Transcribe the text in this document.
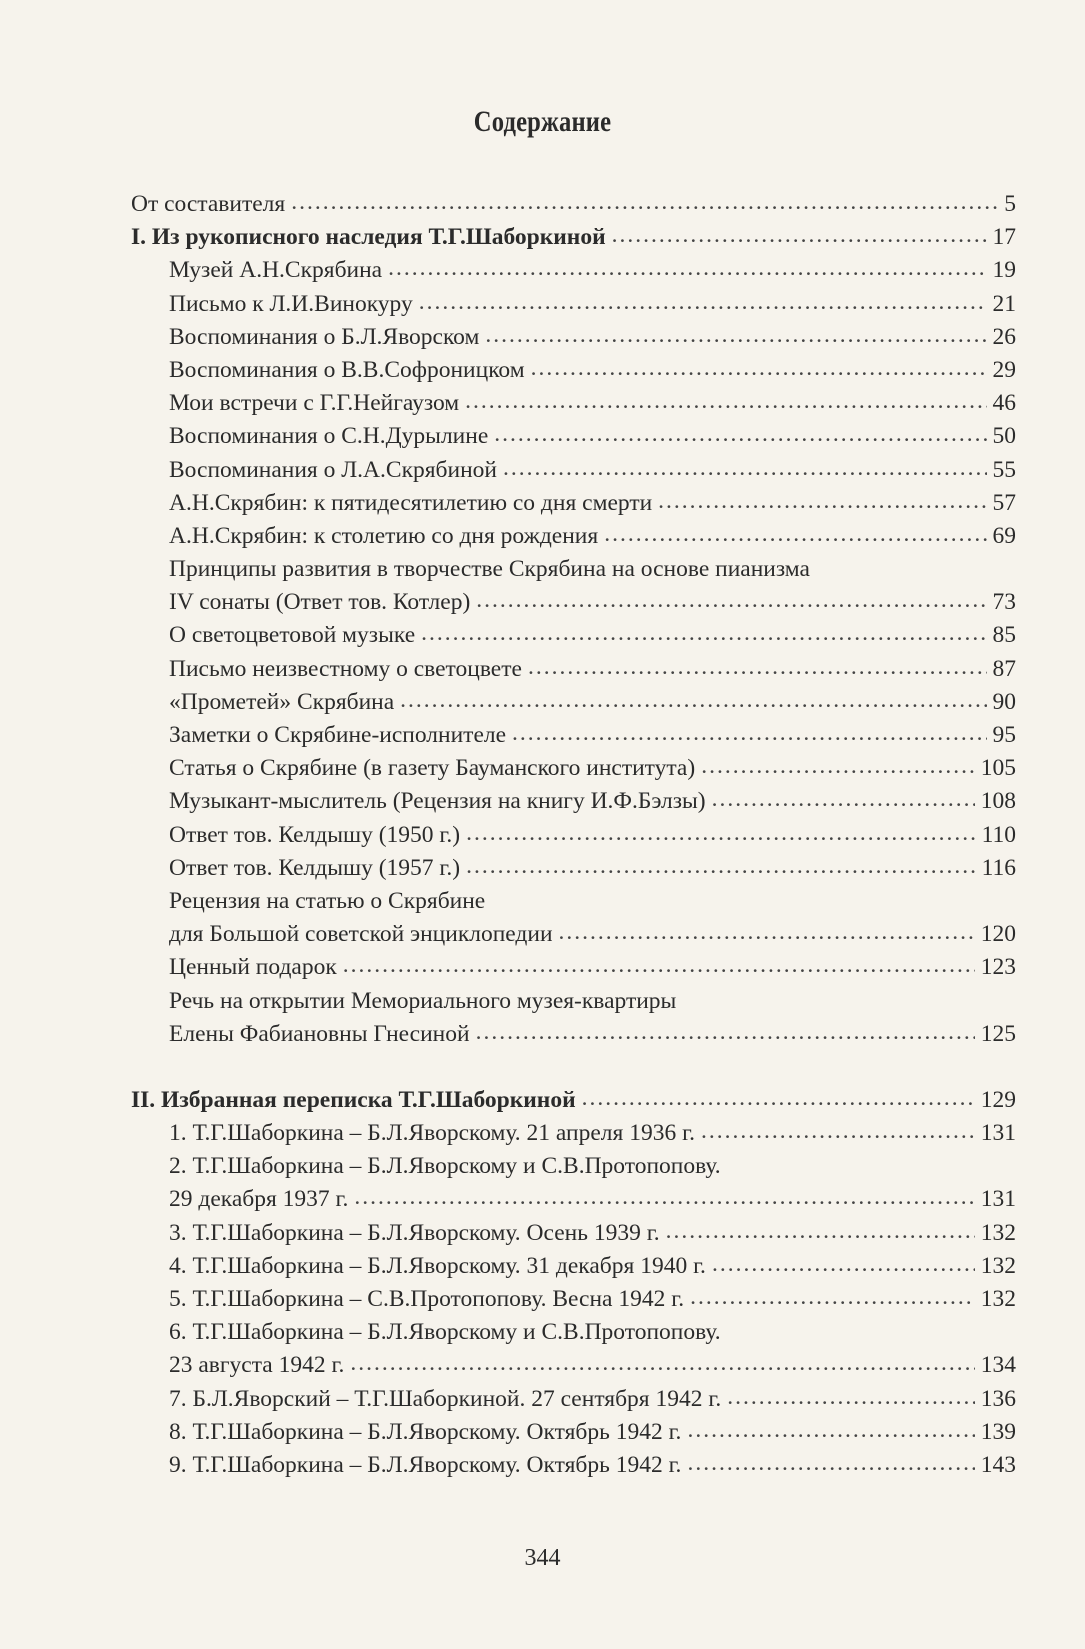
Содержание
От составителя .....	5
I. Из рукописного наследия Т.Г.Шаборкиной .....	17
Музей А.Н.Скрябина .....	19
Письмо к Л.И.Винокуру .....	21
Воспоминания о Б.Л.Яворском .....	26
Воспоминания о В.В.Софроницком .....	29
Мои встречи с Г.Г.Нейгаузом .....	46
Воспоминания о С.Н.Дурылине .....	50
Воспоминания о Л.А.Скрябиной .....	55
А.Н.Скрябин: к пятидесятилетию со дня смерти .....	57
А.Н.Скрябин: к столетию со дня рождения .....	69
Принципы развития в творчестве Скрябина на основе пианизма
IV сонаты (Ответ тов. Котлер) .....	73
О светоцветовой музыке .....	85
Письмо неизвестному о светоцвете .....	87
«Прометей» Скрябина .....	90
Заметки о Скрябине-исполнителе .....	95
Статья о Скрябине (в газету Бауманского института) .....	105
Музыкант-мыслитель (Рецензия на книгу И.Ф.Бэлзы) .....	108
Ответ тов. Келдышу (1950 г.) .....	110
Ответ тов. Келдышу (1957 г.) .....	116
Рецензия на статью о Скрябине
для Большой советской энциклопедии .....	120
Ценный подарок .....	123
Речь на открытии Мемориального музея-квартиры
Елены Фабиановны Гнесиной .....	125
II. Избранная переписка Т.Г.Шаборкиной .....	129
1. Т.Г.Шаборкина – Б.Л.Яворскому. 21 апреля 1936 г. .....	131
2. Т.Г.Шаборкина – Б.Л.Яворскому и С.В.Протопопову.
29 декабря 1937 г. .....	131
3. Т.Г.Шаборкина – Б.Л.Яворскому. Осень 1939 г. .....	132
4. Т.Г.Шаборкина – Б.Л.Яворскому. 31 декабря 1940 г. .....	132
5. Т.Г.Шаборкина – С.В.Протопопову. Весна 1942 г. .....	132
6. Т.Г.Шаборкина – Б.Л.Яворскому и С.В.Протопопову.
23 августа 1942 г. .....	134
7. Б.Л.Яворский – Т.Г.Шаборкиной. 27 сентября 1942 г. .....	136
8. Т.Г.Шаборкина – Б.Л.Яворскому. Октябрь 1942 г. .....	139
9. Т.Г.Шаборкина – Б.Л.Яворскому. Октябрь 1942 г. .....	143
344
